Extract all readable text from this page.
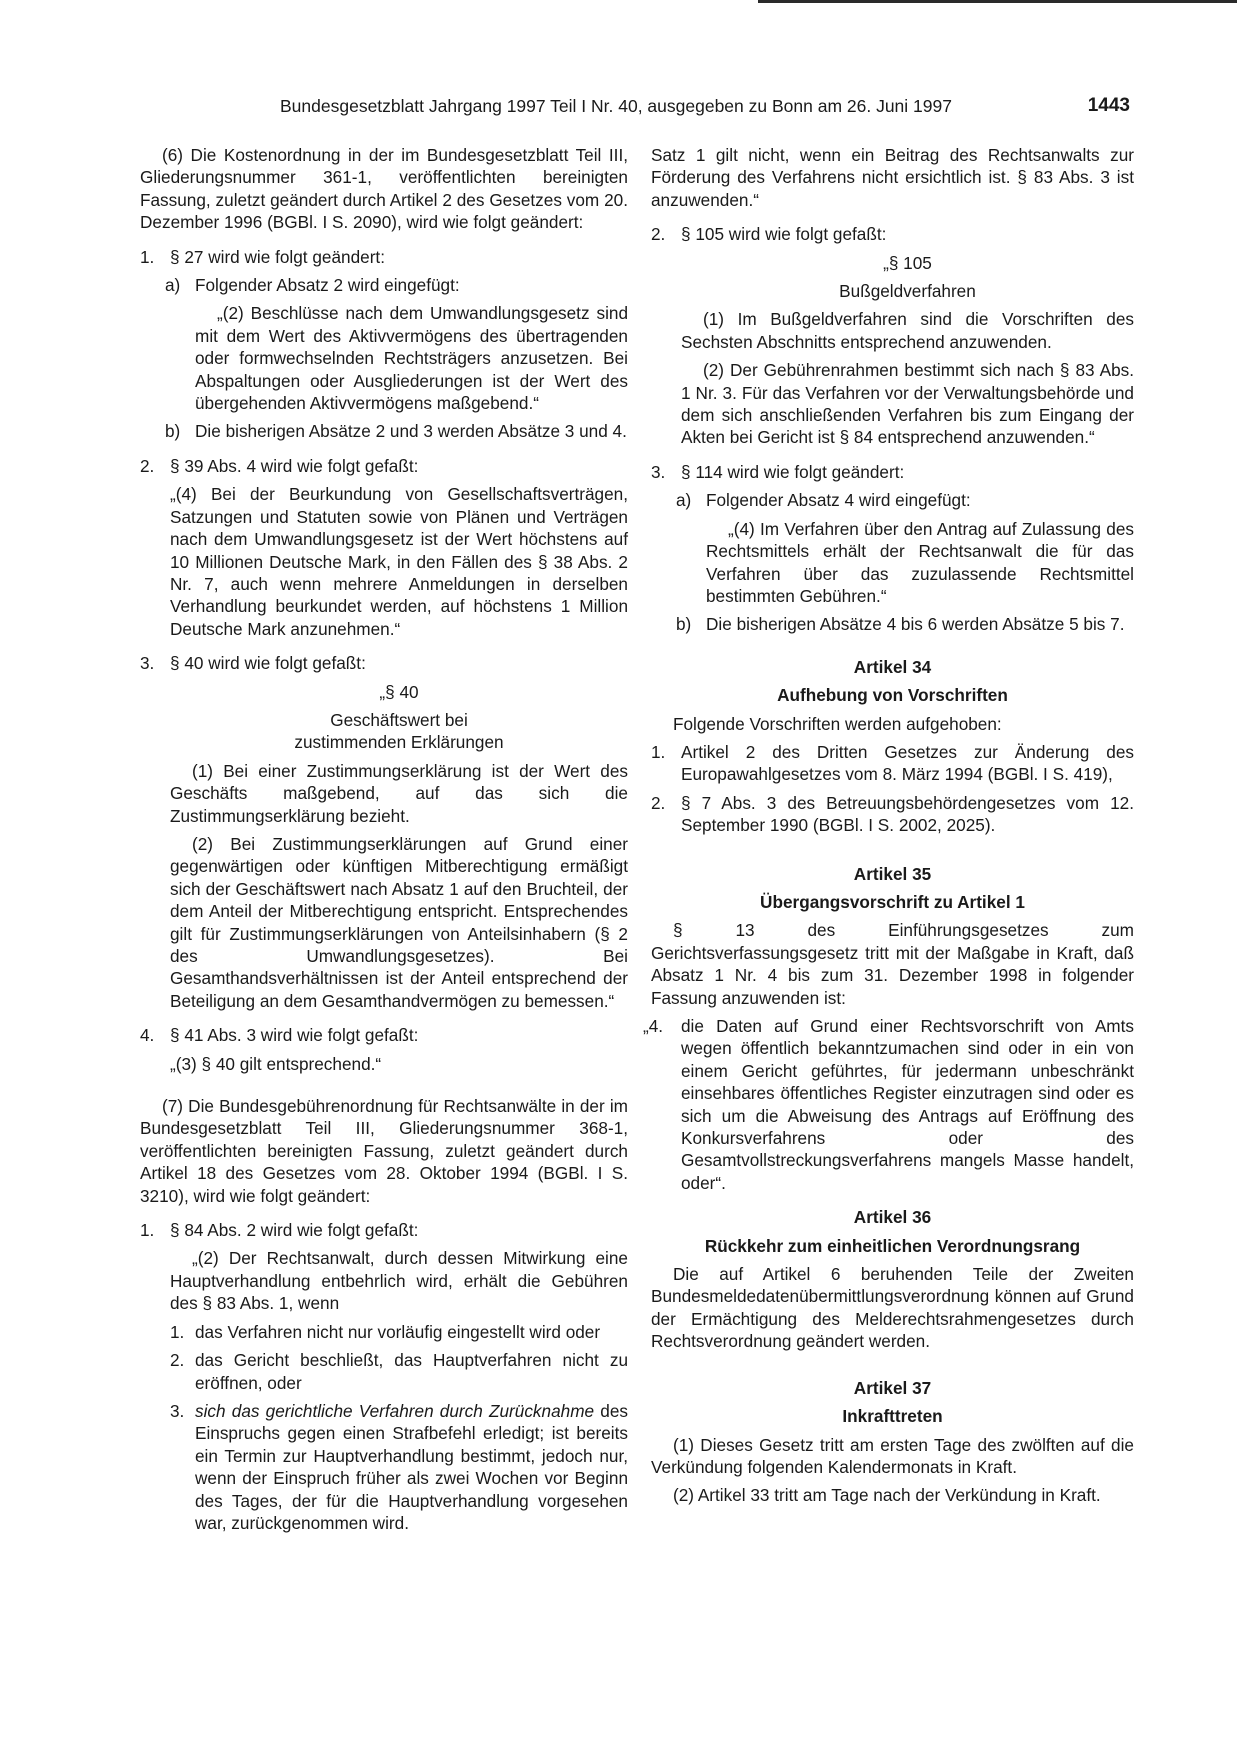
Bundesgesetzblatt Jahrgang 1997 Teil I Nr. 40, ausgegeben zu Bonn am 26. Juni 1997	1443

(6) Die Kostenordnung in der im Bundesgesetzblatt Teil III, Gliederungsnummer 361-1, veröffentlichten bereinigten Fassung, zuletzt geändert durch Artikel 2 des Gesetzes vom 20. Dezember 1996 (BGBl. I S. 2090), wird wie folgt geändert:

1. § 27 wird wie folgt geändert:
a) Folgender Absatz 2 wird eingefügt:

„(2) Beschlüsse nach dem Umwandlungsgesetz sind mit dem Wert des Aktivvermögens des übertragenden oder formwechselnden Rechtsträgers anzusetzen. Bei Abspaltungen oder Ausgliederungen ist der Wert des übergehenden Aktivvermögens maßgebend.“

b) Die bisherigen Absätze 2 und 3 werden Absätze 3 und 4.
2. § 39 Abs. 4 wird wie folgt gefaßt:

„(4) Bei der Beurkundung von Gesellschaftsverträgen, Satzungen und Statuten sowie von Plänen und Verträgen nach dem Umwandlungsgesetz ist der Wert höchstens auf 10 Millionen Deutsche Mark, in den Fällen des § 38 Abs. 2 Nr. 7, auch wenn mehrere Anmeldungen in derselben Verhandlung beurkundet werden, auf höchstens 1 Million Deutsche Mark anzunehmen.“

3. § 40 wird wie folgt gefaßt:

„§ 40

Geschäftswert bei

zustimmenden Erklärungen

(1) Bei einer Zustimmungserklärung ist der Wert des Geschäfts maßgebend, auf das sich die Zustimmungserklärung bezieht.

(2) Bei Zustimmungserklärungen auf Grund einer gegenwärtigen oder künftigen Mitberechtigung ermäßigt sich der Geschäftswert nach Absatz 1 auf den Bruchteil, der dem Anteil der Mitberechtigung entspricht. Entsprechendes gilt für Zustimmungserklärungen von Anteilsinhabern (§ 2 des Umwandlungsgesetzes). Bei Gesamthandsverhältnissen ist der Anteil entsprechend der Beteiligung an dem Gesamthandvermögen zu bemessen.“

4. § 41 Abs. 3 wird wie folgt gefaßt:

„(3) § 40 gilt entsprechend.“

(7) Die Bundesgebührenordnung für Rechtsanwälte in der im Bundesgesetzblatt Teil III, Gliederungsnummer 368-1, veröffentlichten bereinigten Fassung, zuletzt geändert durch Artikel 18 des Gesetzes vom 28. Oktober 1994 (BGBl. I S. 3210), wird wie folgt geändert:

1. § 84 Abs. 2 wird wie folgt gefaßt:

„(2) Der Rechtsanwalt, durch dessen Mitwirkung eine Hauptverhandlung entbehrlich wird, erhält die Gebühren des § 83 Abs. 1, wenn

1. das Verfahren nicht nur vorläufig eingestellt wird oder
2. das Gericht beschließt, das Hauptverfahren nicht zu eröffnen, oder
3. sich das gerichtliche Verfahren durch Zurücknahme des Einspruchs gegen einen Strafbefehl erledigt; ist bereits ein Termin zur Hauptverhandlung bestimmt, jedoch nur, wenn der Einspruch früher als zwei Wochen vor Beginn des Tages, der für die Hauptverhandlung vorgesehen war, zurückgenommen wird.

Satz 1 gilt nicht, wenn ein Beitrag des Rechtsanwalts zur Förderung des Verfahrens nicht ersichtlich ist. § 83 Abs. 3 ist anzuwenden.“

2. § 105 wird wie folgt gefaßt:

„§ 105

Bußgeldverfahren

(1) Im Bußgeldverfahren sind die Vorschriften des Sechsten Abschnitts entsprechend anzuwenden.

(2) Der Gebührenrahmen bestimmt sich nach § 83 Abs. 1 Nr. 3. Für das Verfahren vor der Verwaltungsbehörde und dem sich anschließenden Verfahren bis zum Eingang der Akten bei Gericht ist § 84 entsprechend anzuwenden.“

3. § 114 wird wie folgt geändert:
a) Folgender Absatz 4 wird eingefügt:

„(4) Im Verfahren über den Antrag auf Zulassung des Rechtsmittels erhält der Rechtsanwalt die für das Verfahren über das zuzulassende Rechtsmittel bestimmten Gebühren.“

b) Die bisherigen Absätze 4 bis 6 werden Absätze 5 bis 7.

Artikel 34

Aufhebung von Vorschriften

Folgende Vorschriften werden aufgehoben:

1. Artikel 2 des Dritten Gesetzes zur Änderung des Europawahlgesetzes vom 8. März 1994 (BGBl. I S. 419),
2. § 7 Abs. 3 des Betreuungsbehördengesetzes vom 12. September 1990 (BGBl. I S. 2002, 2025).

Artikel 35

Übergangsvorschrift zu Artikel 1

§ 13 des Einführungsgesetzes zum Gerichtsverfassungsgesetz tritt mit der Maßgabe in Kraft, daß Absatz 1 Nr. 4 bis zum 31. Dezember 1998 in folgender Fassung anzuwenden ist:

„4. die Daten auf Grund einer Rechtsvorschrift von Amts wegen öffentlich bekanntzumachen sind oder in ein von einem Gericht geführtes, für jedermann unbeschränkt einsehbares öffentliches Register einzutragen sind oder es sich um die Abweisung des Antrags auf Eröffnung des Konkursverfahrens oder des Gesamtvollstreckungsverfahrens mangels Masse handelt, oder“.

Artikel 36

Rückkehr zum einheitlichen Verordnungsrang

Die auf Artikel 6 beruhenden Teile der Zweiten Bundesmeldedatenübermittlungsverordnung können auf Grund der Ermächtigung des Melderechtsrahmengesetzes durch Rechtsverordnung geändert werden.

Artikel 37

Inkrafttreten

(1) Dieses Gesetz tritt am ersten Tage des zwölften auf die Verkündung folgenden Kalendermonats in Kraft.

(2) Artikel 33 tritt am Tage nach der Verkündung in Kraft.
